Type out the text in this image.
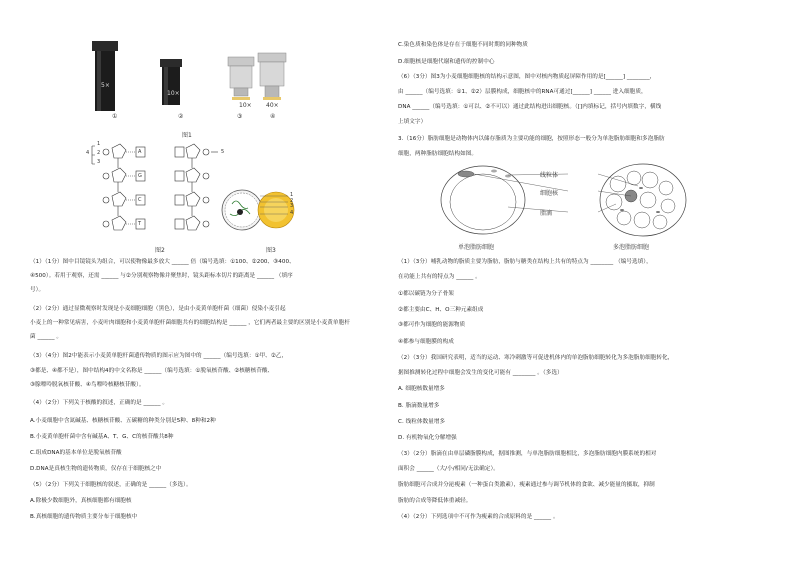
5×
10×
10× 40×
①	②	③	④
图1
4
1
2
3
5
A
G
C
T
图2
1
2
3
4
图3
（1）（1分）图中目镜镜头为组合，可以使物像最多放大 ______ 倍（编号选填：①100、②200、③400、
④500）。若用于观察，还需 ______ 与②分别观察物像并聚焦时，镜头距标本切片的距离是 ______ （填序
号）。
（2）（2分）通过显微观察时发现是小麦细胞细胞（黑色），是由小麦黄单胞杆菌（细菌）侵染小麦引起
小麦上的一种常见病害，小麦叶肉细胞和小麦黄单胞杆菌细胞共有的细胞结构是 ______ ，它们两者最主要的区别是小麦黄单胞杆
菌 ______ 。
（3）（4分）图2中能表示小麦黄单胞杆菌遗传物质的图示应为图中的 ______（编号选填：①甲、②乙，
③都是、④都不是），图中结构4的中文名称是 ______（编号选填：①脱氧核苷酸、②核糖核苷酸、
③腺嘌呤脱氧核苷酸、④鸟嘌呤核糖核苷酸）。
（4）（2分）下列关于核酸的叙述，正确的是 ______ 。
A.小麦细胞中含氮碱基、核糖核苷酸、五碳糖的种类分别是5种、8种和2种
B.小麦黄单胞杆菌中含有碱基A、T、G、C的核苷酸共8种
C.组成DNA的基本单位是脱氧核苷酸
D.DNA是真核生物的遗传物质，仅存在于细胞核之中
（5）（2分）下列关于细胞核的叙述，正确的是 ______（多选）。
A.除极少数细胞外，真核细胞都有细胞核
B.真核细胞的遗传物质主要分布于细胞核中
C.染色质和染色体是存在于细胞不同时期的同种物质
D.细胞核是细胞代谢和遗传的控制中心
（6）（3分）图3为小麦细胞细胞核的结构示意图，图中对核内物质起屏障作用的是[______] ________，
由 ______（编号选填：①1、②2）层膜构成，细胞核中的RNA可通过[______] ______ 进入细胞质，
DNA ______（编号选填：①可以、②不可以）通过此结构进出细胞核。（[]内填标记，括号内填数字，横线
上填文字）
3.（16分）脂肪细胞是动物体内以储存脂质为主要功能的细胞，按照形态一般分为单泡脂肪细胞和多泡脂肪
细胞，两种脂肪细胞结构如图。
线粒体
细胞核
脂滴
单泡脂肪细胞	多泡脂肪细胞
（1）（3分）哺乳动物的脂质主要为脂肪，脂肪与糖类在结构上共有的特点为 ________ （编号选填），
在功能上共有的特点为 ______ 。
①都以碳链为分子骨架
②都主要由C、H、O三种元素组成
③都可作为细胞的能源物质
④都参与细胞膜的构成
（2）（3分）我国研究表明，适当的运动、寒冷刺激等可促进机体内的单泡脂肪细胞转化为多泡脂肪细胞转化，
据图推测转化过程中细胞会发生的变化可能有 ________ 。（多选）
A. 细胞核数量增多
B. 脂滴数量增多
C. 线粒体数量增多
D. 有机物氧化分解增强
（3）（2分）脂滴在由单层磷脂膜构成，据图推测，与单泡脂肪细胞相比，多泡脂肪细胞内膜系统的相对
面积会 ______（大/小/相同/无法确定）。
脂肪细胞可合成并分泌瘦素（一种蛋白类激素），瘦素通过参与调节机体的食欲、减少能量的摄取，抑制
脂肪的合成等降低体重减轻。
（4）（2分）下列选项中不可作为瘦素的合成原料的是 ______ 。
